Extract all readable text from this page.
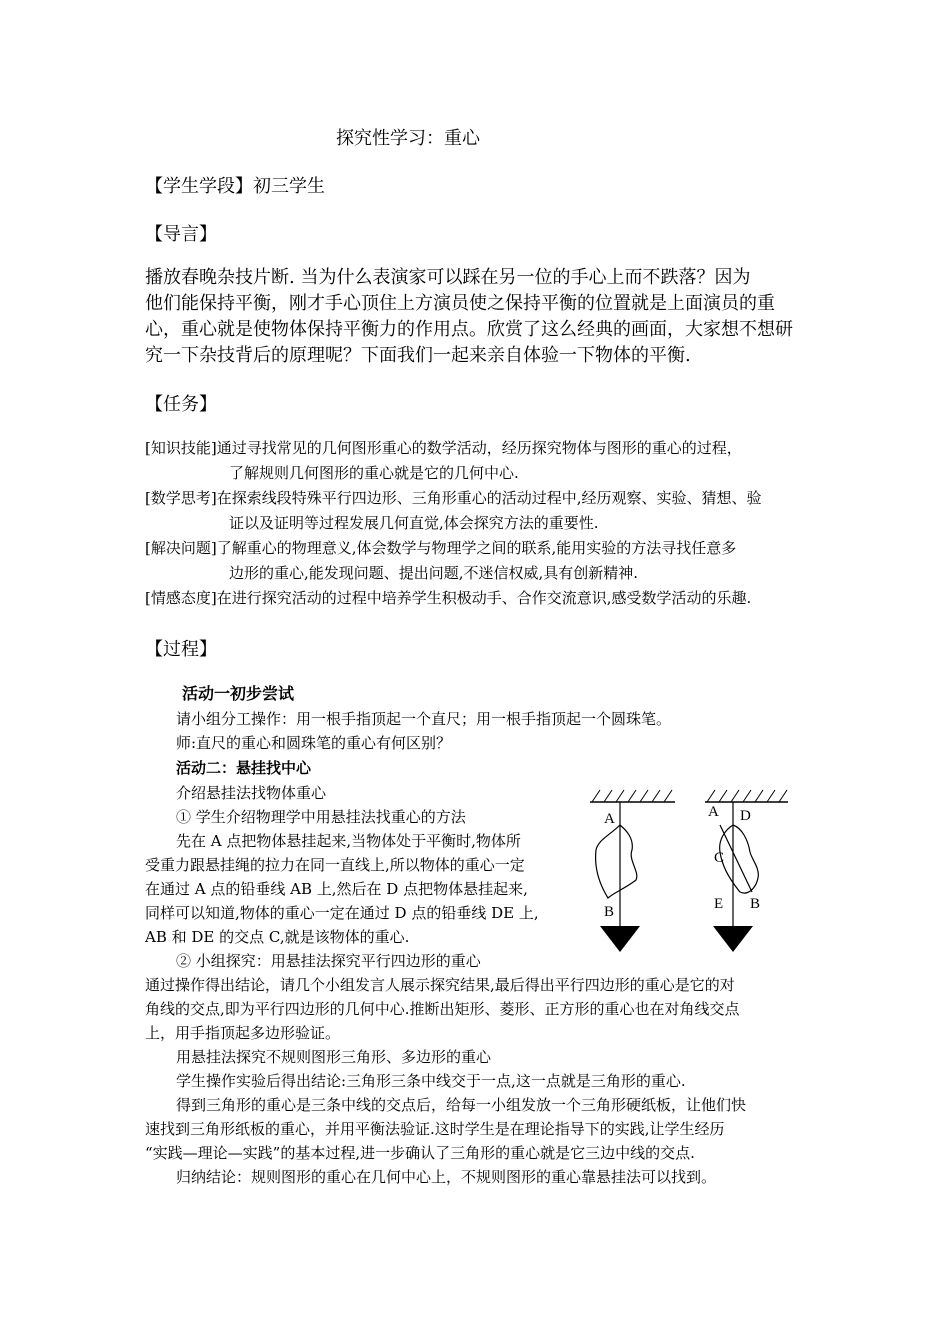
探究性学习：重心
【学生学段】初三学生
【导言】
播放春晚杂技片断. 当为什么表演家可以踩在另一位的手心上而不跌落？因为
他们能保持平衡，刚才手心顶住上方演员使之保持平衡的位置就是上面演员的重
心，重心就是使物体保持平衡力的作用点。欣赏了这么经典的画面，大家想不想研
究一下杂技背后的原理呢？下面我们一起来亲自体验一下物体的平衡.
【任务】
[知识技能]通过寻找常见的几何图形重心的数学活动，经历探究物体与图形的重心的过程，
了解规则几何图形的重心就是它的几何中心.
[数学思考]在探索线段特殊平行四边形、三角形重心的活动过程中,经历观察、实验、猜想、验
证以及证明等过程发展几何直觉,体会探究方法的重要性.
[解决问题]了解重心的物理意义,体会数学与物理学之间的联系,能用实验的方法寻找任意多
边形的重心,能发现问题、提出问题,不迷信权威,具有创新精神.
[情感态度]在进行探究活动的过程中培养学生积极动手、合作交流意识,感受数学活动的乐趣.
【过程】
活动一初步尝试
请小组分工操作：用一根手指顶起一个直尺；用一根手指顶起一个圆珠笔。
师:直尺的重心和圆珠笔的重心有何区别？
活动二：悬挂找中心
介绍悬挂法找物体重心
① 学生介绍物理学中用悬挂法找重心的方法
先在 A 点把物体悬挂起来,当物体处于平衡时,物体所
受重力跟悬挂绳的拉力在同一直线上,所以物体的重心一定
在通过 A 点的铅垂线 AB 上,然后在 D 点把物体悬挂起来,
同样可以知道,物体的重心一定在通过 D 点的铅垂线 DE 上,
AB 和 DE 的交点 C,就是该物体的重心.
② 小组探究：用悬挂法探究平行四边形的重心
通过操作得出结论，请几个小组发言人展示探究结果,最后得出平行四边形的重心是它的对
角线的交点,即为平行四边形的几何中心.推断出矩形、菱形、正方形的重心也在对角线交点
上，用手指顶起多边形验证。
用悬挂法探究不规则图形三角形、多边形的重心
学生操作实验后得出结论:三角形三条中线交于一点,这一点就是三角形的重心.
得到三角形的重心是三条中线的交点后，给每一小组发放一个三角形硬纸板，让他们快
速找到三角形纸板的重心，并用平衡法验证.这时学生是在理论指导下的实践,让学生经历
“实践—理论—实践”的基本过程,进一步确认了三角形的重心就是它三边中线的交点.
归纳结论：规则图形的重心在几何中心上，不规则图形的重心靠悬挂法可以找到。
A
B
A D
C
E B
